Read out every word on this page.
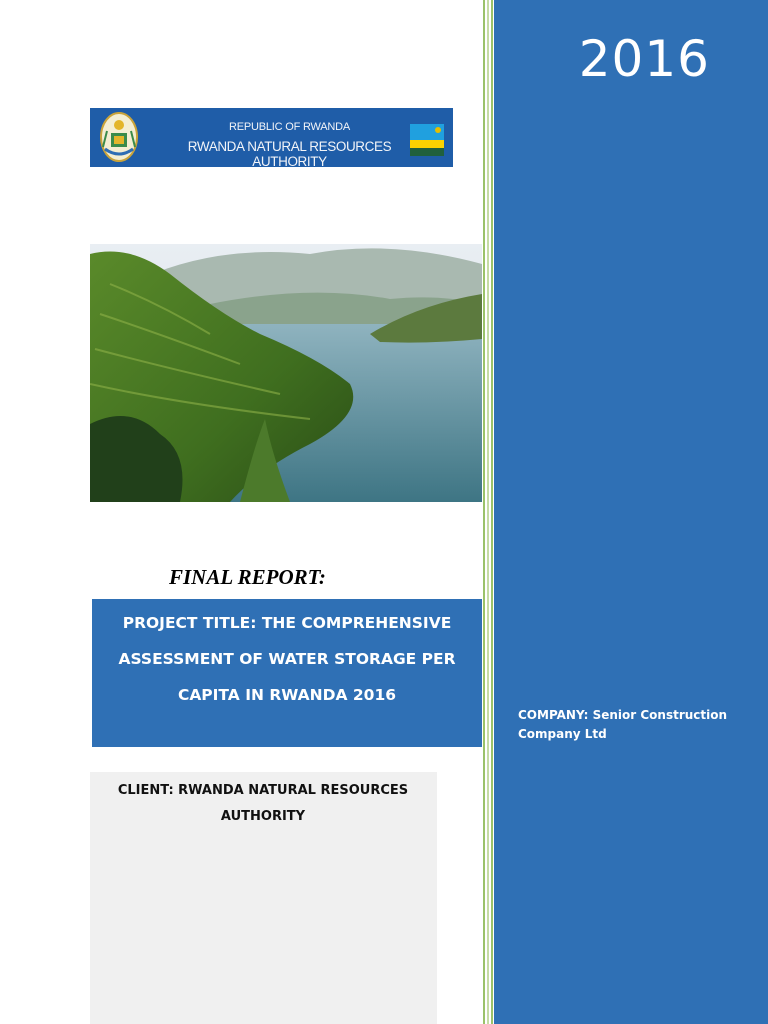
2016
COMPANY: Senior Construction Company Ltd
REPUBLIC OF RWANDA
RWANDA NATURAL RESOURCES AUTHORITY
FINAL REPORT:
PROJECT TITLE: THE COMPREHENSIVE ASSESSMENT OF WATER STORAGE PER CAPITA IN RWANDA 2016
CLIENT: RWANDA NATURAL RESOURCES AUTHORITY
